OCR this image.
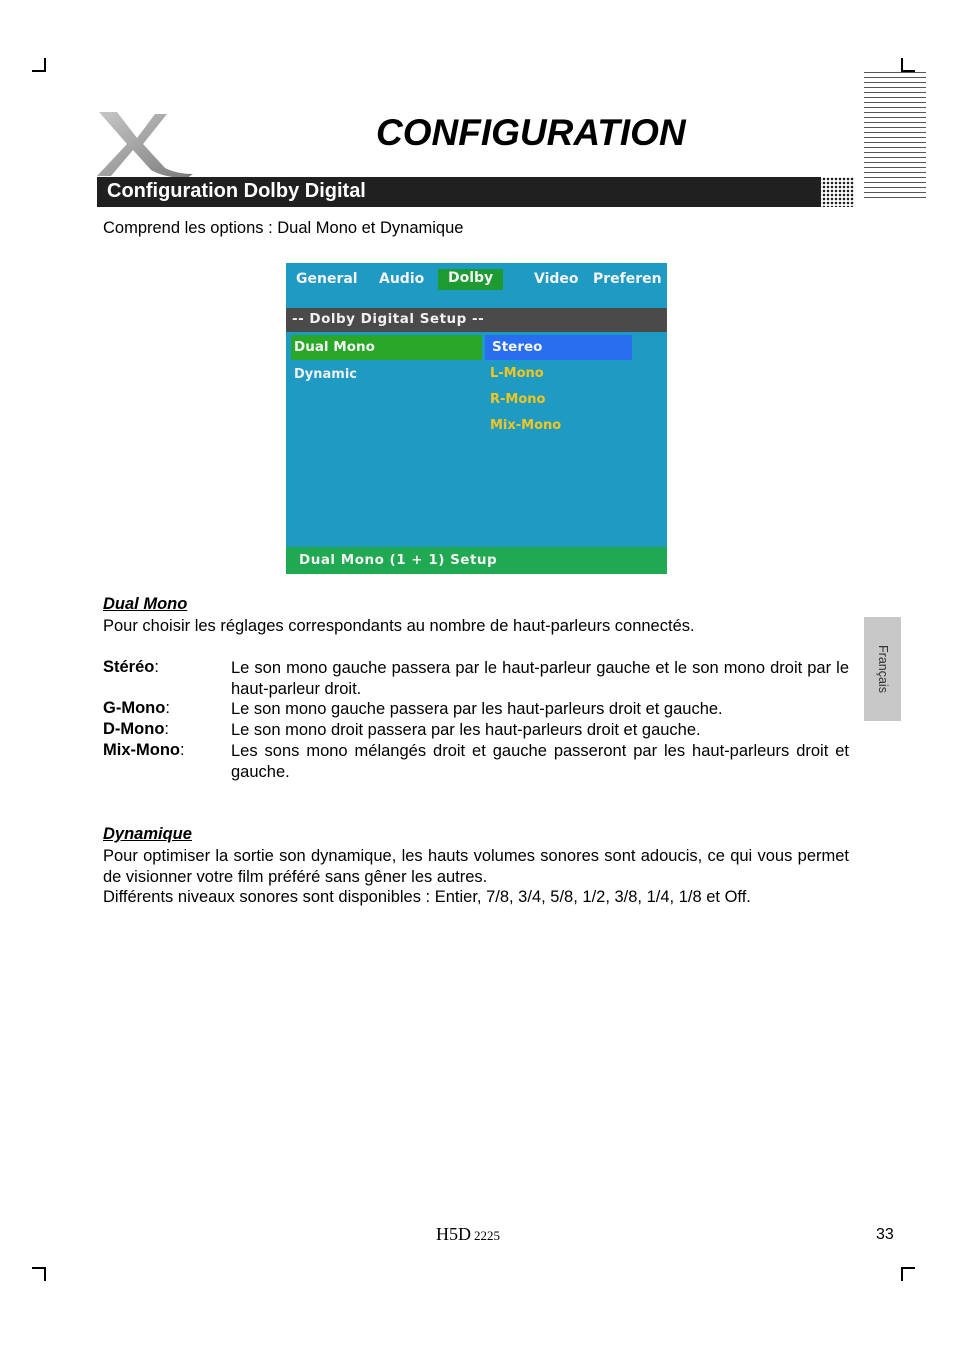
CONFIGURATION
Configuration Dolby Digital
Comprend les options : Dual Mono et Dynamique
General Audio	Dolby	Video Preferen
-- Dolby Digital Setup --
Dual Mono
Dynamic
Stereo
L-Mono
R-Mono
Mix-Mono
Dual Mono (1 + 1) Setup
Dual Mono
Pour choisir les réglages correspondants au nombre de haut-parleurs connectés.
Stéréo:	Le son mono gauche passera par le haut-parleur gauche et le son mono droit par le haut-parleur droit.
G-Mono:	Le son mono gauche passera par les haut-parleurs droit et gauche.
D-Mono:	Le son mono droit passera par les haut-parleurs droit et gauche.
Mix-Mono:	Les sons mono mélangés droit et gauche passeront par les haut-parleurs droit et gauche.
Dynamique
Pour optimiser la sortie son dynamique, les hauts volumes sonores sont adoucis, ce qui vous permet de visionner votre film préféré sans gêner les autres.
Différents niveaux sonores sont disponibles : Entier, 7/8, 3/4, 5/8, 1/2, 3/8, 1/4, 1/8 et Off.
Français
H5D 2225	33
